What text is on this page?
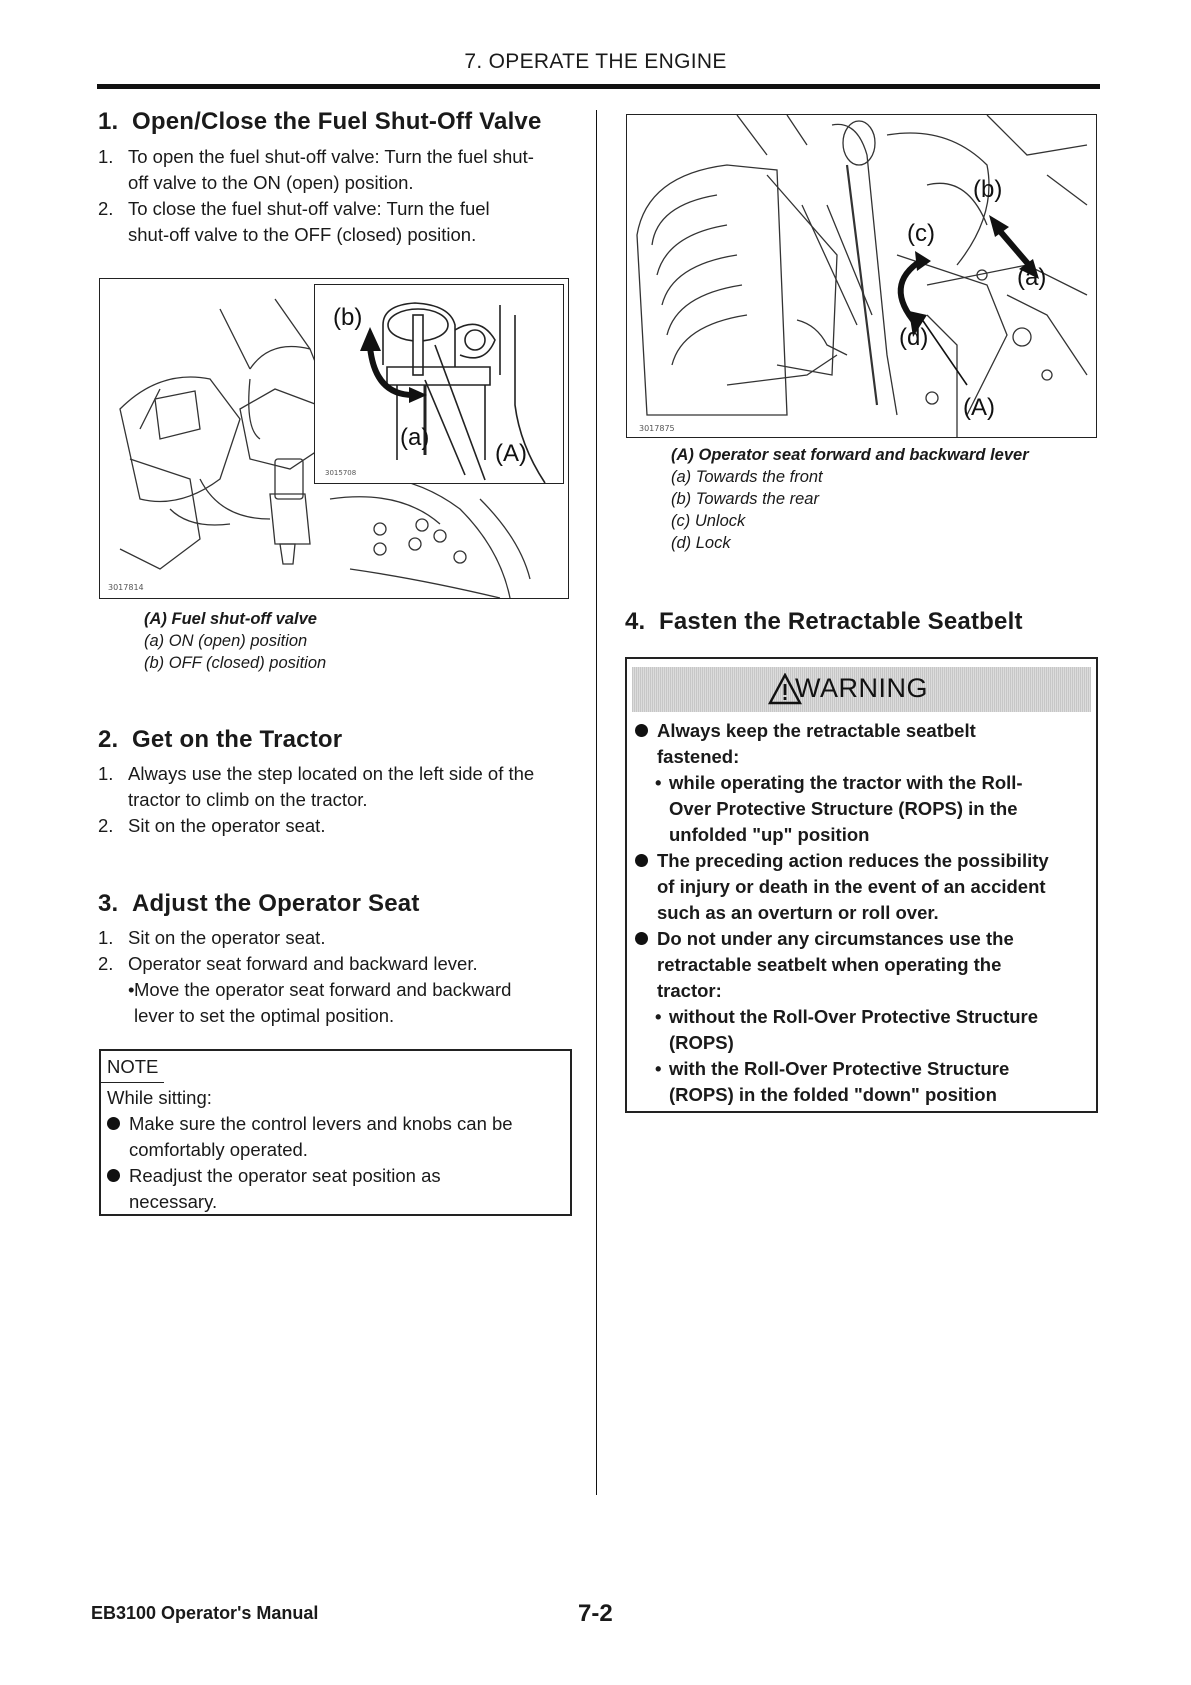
7. OPERATE THE ENGINE
1. Open/Close the Fuel Shut-Off Valve
1. To open the fuel shut-off valve: Turn the fuel shut-
off valve to the ON (open) position.
2. To close the fuel shut-off valve: Turn the fuel
shut-off valve to the OFF (closed) position.
3017814
(b)
(a)
(A)
3015708
(A) Fuel shut-off valve
(a) ON (open) position
(b) OFF (closed) position
2. Get on the Tractor
1. Always use the step located on the left side of the
tractor to climb on the tractor.
2. Sit on the operator seat.
3. Adjust the Operator Seat
1. Sit on the operator seat.
2. Operator seat forward and backward lever.
• Move the operator seat forward and backward
lever to set the optimal position.
NOTE
While sitting:
Make sure the control levers and knobs can be
comfortably operated.
Readjust the operator seat position as
necessary.
(b)
(c)
(a)
(d)
(A)
3017875
(A) Operator seat forward and backward lever
(a) Towards the front
(b) Towards the rear
(c) Unlock
(d) Lock
4. Fasten the Retractable Seatbelt
WARNING
Always keep the retractable seatbelt
fastened:
• while operating the tractor with the Roll-
Over Protective Structure (ROPS) in the
unfolded "up" position
The preceding action reduces the possibility
of injury or death in the event of an accident
such as an overturn or roll over.
Do not under any circumstances use the
retractable seatbelt when operating the
tractor:
• without the Roll-Over Protective Structure
(ROPS)
• with the Roll-Over Protective Structure
(ROPS) in the folded "down" position
EB3100 Operator's Manual	7-2
